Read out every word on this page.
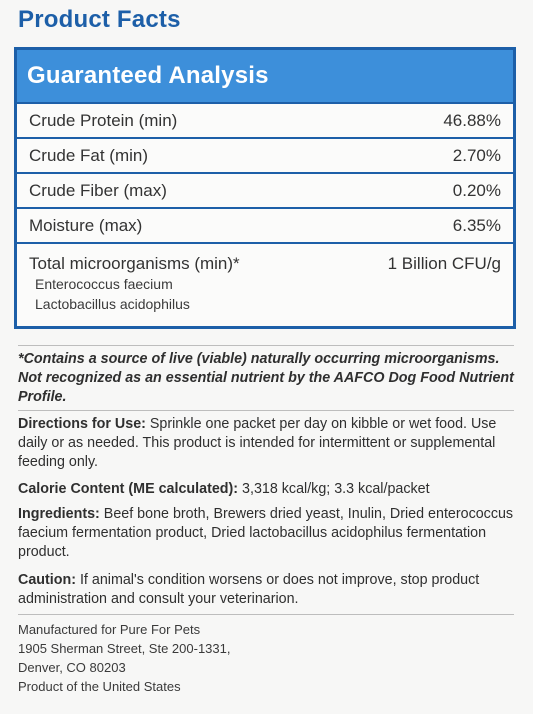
Product Facts
Guaranteed Analysis
Crude Protein (min)	46.88%
Crude Fat (min)	2.70%
Crude Fiber (max)	0.20%
Moisture (max)	6.35%
Total microorganisms (min)*	1 Billion CFU/g
Enterococcus faecium
Lactobacillus acidophilus
*Contains a source of live (viable) naturally occurring microorganisms. Not recognized as an essential nutrient by the AAFCO Dog Food Nutrient Profile.
Directions for Use: Sprinkle one packet per day on kibble or wet food. Use daily or as needed. This product is intended for intermittent or supplemental feeding only.
Calorie Content (ME calculated): 3,318 kcal/kg; 3.3 kcal/packet
Ingredients: Beef bone broth, Brewers dried yeast, Inulin, Dried enterococcus faecium fermentation product, Dried lactobacillus acidophilus fermentation product.
Caution: If animal's condition worsens or does not improve, stop product administration and consult your veterinarion.
Manufactured for Pure For Pets
1905 Sherman Street, Ste 200-1331,
Denver, CO 80203
Product of the United States
